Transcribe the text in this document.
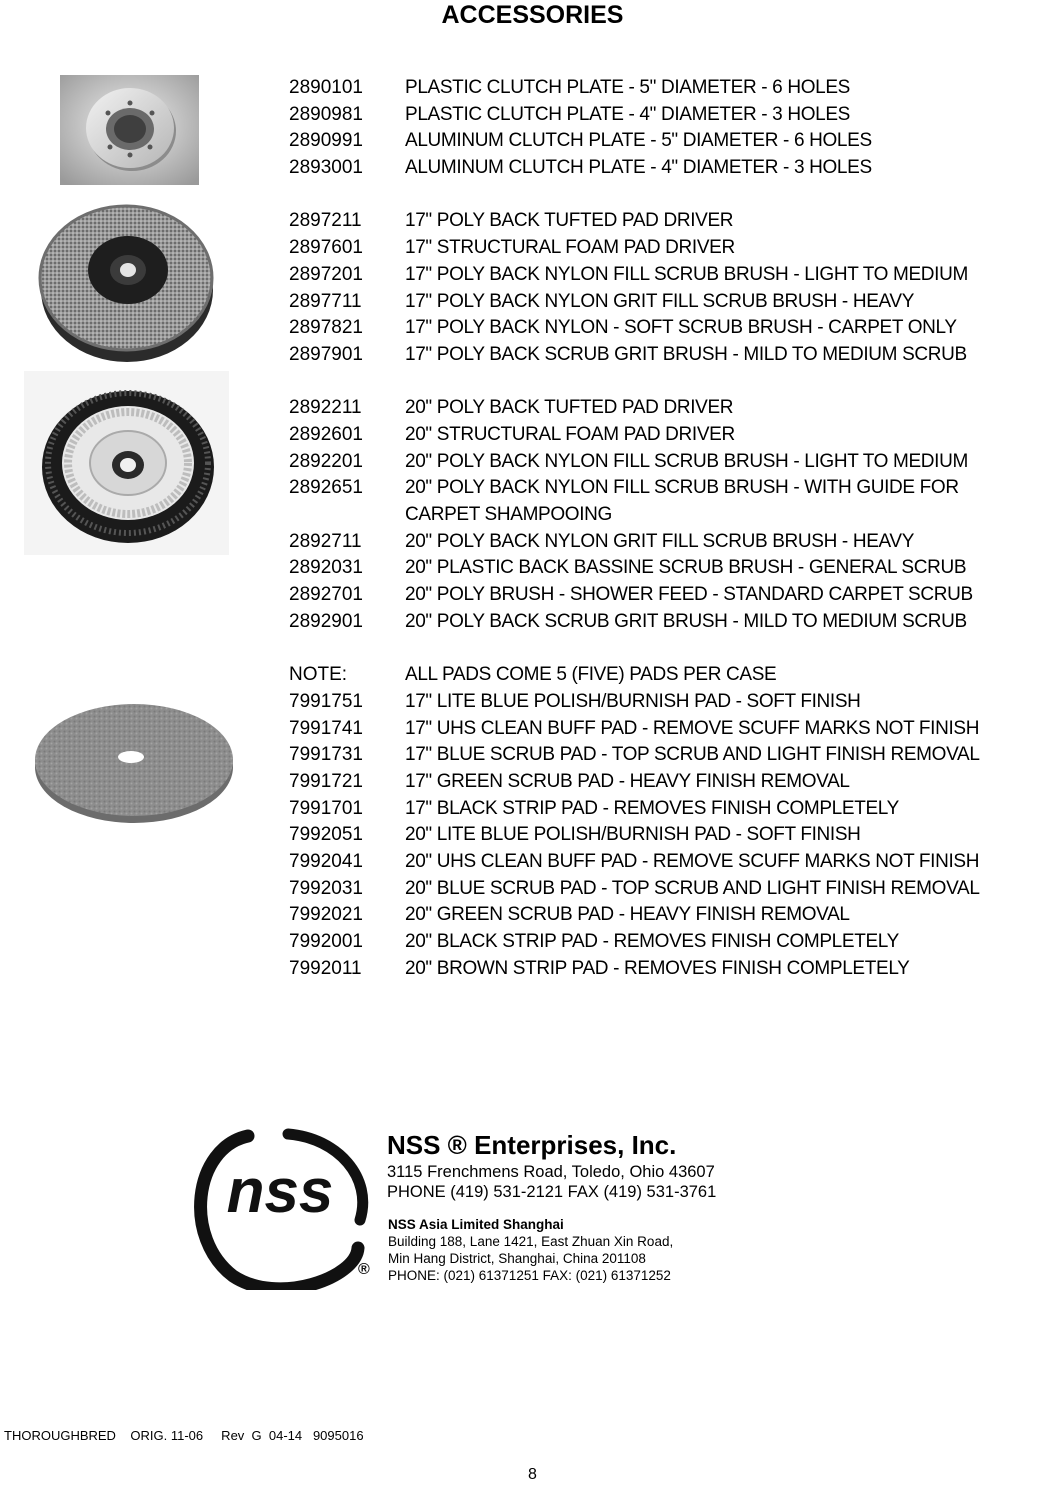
ACCESSORIES
2890101 PLASTIC CLUTCH PLATE - 5" DIAMETER - 6 HOLES
2890981 PLASTIC CLUTCH PLATE - 4" DIAMETER - 3 HOLES
2890991 ALUMINUM CLUTCH PLATE - 5" DIAMETER - 6 HOLES
2893001 ALUMINUM CLUTCH PLATE - 4" DIAMETER - 3 HOLES
2897211 17" POLY BACK TUFTED PAD DRIVER
2897601 17" STRUCTURAL FOAM PAD DRIVER
2897201 17" POLY BACK NYLON FILL SCRUB BRUSH - LIGHT TO MEDIUM
2897711 17" POLY BACK NYLON GRIT FILL SCRUB BRUSH - HEAVY
2897821 17" POLY BACK NYLON - SOFT SCRUB BRUSH - CARPET ONLY
2897901 17" POLY BACK SCRUB GRIT BRUSH - MILD TO MEDIUM SCRUB
2892211 20" POLY BACK TUFTED PAD DRIVER
2892601 20" STRUCTURAL FOAM PAD DRIVER
2892201 20" POLY BACK NYLON FILL SCRUB BRUSH - LIGHT TO MEDIUM
2892651 20" POLY BACK NYLON FILL SCRUB BRUSH - WITH GUIDE FOR
CARPET SHAMPOOING
2892711 20" POLY BACK NYLON GRIT FILL SCRUB BRUSH - HEAVY
2892031 20" PLASTIC BACK BASSINE SCRUB BRUSH - GENERAL SCRUB
2892701 20" POLY BRUSH - SHOWER FEED - STANDARD CARPET SCRUB
2892901 20" POLY BACK SCRUB GRIT BRUSH - MILD TO MEDIUM SCRUB
NOTE:	ALL PADS COME 5 (FIVE) PADS PER CASE
7991751 17" LITE BLUE POLISH/BURNISH PAD - SOFT FINISH
7991741 17" UHS CLEAN BUFF PAD - REMOVE SCUFF MARKS NOT FINISH
7991731 17" BLUE SCRUB PAD - TOP SCRUB AND LIGHT FINISH REMOVAL
7991721 17" GREEN SCRUB PAD - HEAVY FINISH REMOVAL
7991701 17" BLACK STRIP PAD - REMOVES FINISH COMPLETELY
7992051 20" LITE BLUE POLISH/BURNISH PAD - SOFT FINISH
7992041 20" UHS CLEAN BUFF PAD - REMOVE SCUFF MARKS NOT FINISH
7992031 20" BLUE SCRUB PAD - TOP SCRUB AND LIGHT FINISH REMOVAL
7992021 20" GREEN SCRUB PAD - HEAVY FINISH REMOVAL
7992001 20" BLACK STRIP PAD - REMOVES FINISH COMPLETELY
7992011 20" BROWN STRIP PAD - REMOVES FINISH COMPLETELY
nss
®
NSS ® Enterprises, Inc.
3115 Frenchmens Road, Toledo, Ohio 43607
PHONE (419) 531-2121 FAX (419) 531-3761
NSS Asia Limited Shanghai
Building 188, Lane 1421, East Zhuan Xin Road,
Min Hang District, Shanghai, China 201108
PHONE: (021) 61371251 FAX: (021) 61371252
THOROUGHBRED    ORIG. 11-06     Rev  G  04-14   9095016
8
